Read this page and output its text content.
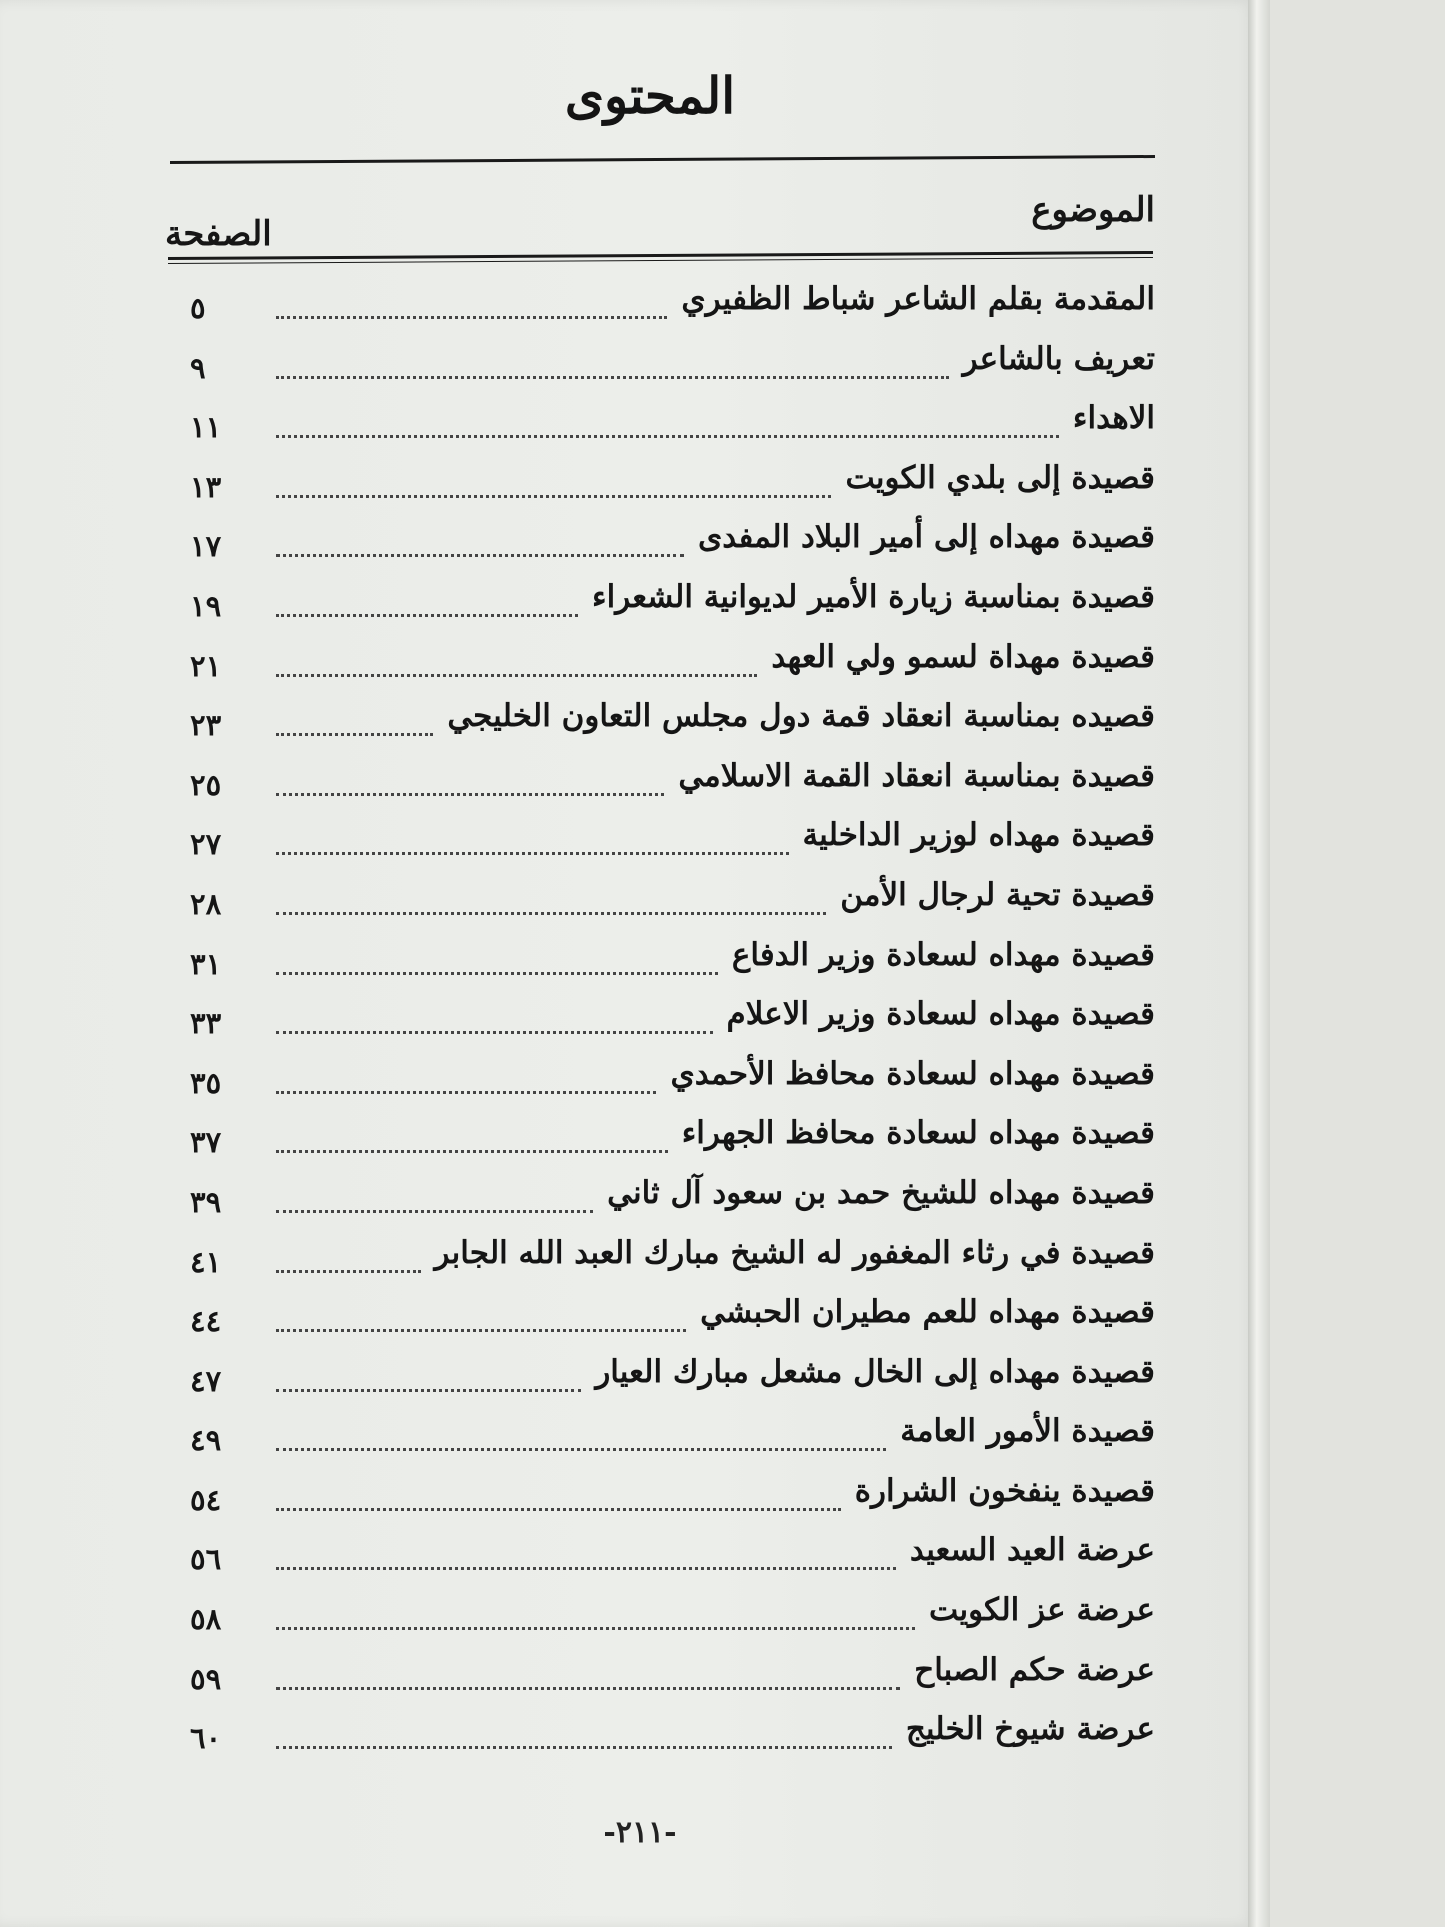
المحتوى
الموضوع
الصفحة
المقدمة بقلم الشاعر شباط الظفيري
٥
تعريف بالشاعر
٩
الاهداء
١١
قصيدة إلى بلدي الكويت
١٣
قصيدة مهداه إلى أمير البلاد المفدى
١٧
قصيدة بمناسبة زيارة الأمير لديوانية الشعراء
١٩
قصيدة مهداة لسمو ولي العهد
٢١
قصيده بمناسبة انعقاد قمة دول مجلس التعاون الخليجي
٢٣
قصيدة بمناسبة انعقاد القمة الاسلامي
٢٥
قصيدة مهداه لوزير الداخلية
٢٧
قصيدة تحية لرجال الأمن
٢٨
قصيدة مهداه لسعادة وزير الدفاع
٣١
قصيدة مهداه لسعادة وزير الاعلام
٣٣
قصيدة مهداه لسعادة محافظ الأحمدي
٣٥
قصيدة مهداه لسعادة محافظ الجهراء
٣٧
قصيدة مهداه للشيخ حمد بن سعود آل ثاني
٣٩
قصيدة في رثاء المغفور له الشيخ مبارك العبد الله الجابر
٤١
قصيدة مهداه للعم مطيران الحبشي
٤٤
قصيدة مهداه إلى الخال مشعل مبارك العيار
٤٧
قصيدة الأمور العامة
٤٩
قصيدة ينفخون الشرارة
٥٤
عرضة العيد السعيد
٥٦
عرضة عز الكويت
٥٨
عرضة حكم الصباح
٥٩
عرضة شيوخ الخليج
٦٠
-٢١١-
